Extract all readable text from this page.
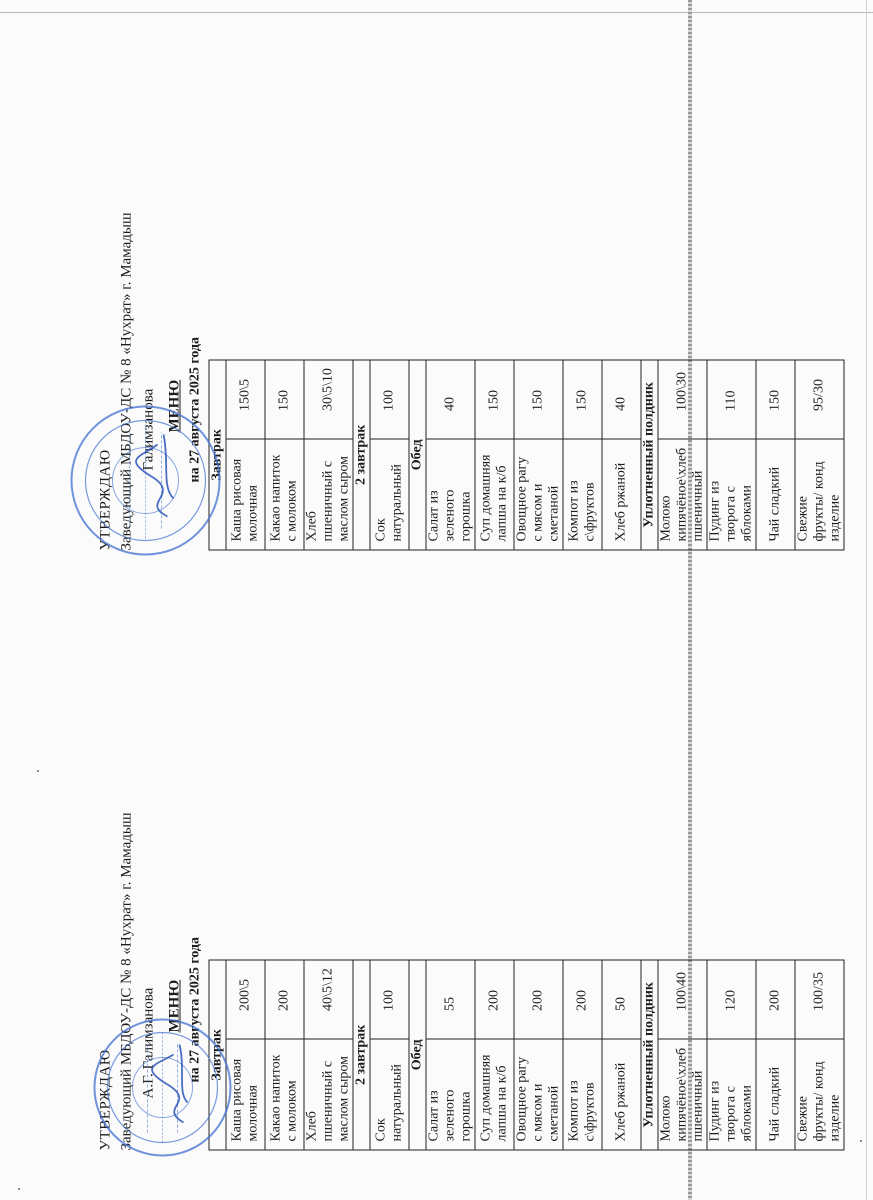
УТВЕРЖДАЮ Заведующий МБДОУ-ДС № 8 «Нухрат» г. Мамадыш А.Г. Галимзанова МЕНЮ на 27 августа 2025 года Завтрак	
Каша рисовая молочная	200\5
Какао напиток с молоком	200
Хлеб пшеничный с маслом сыром	40\5\12
2 завтрак	
Сок натуральный	100
Обед	
Салат из зеленого горошка	55
Суп домашняя лапша на к/б	200
Овощное рагу с мясом и сметаной	200
Компот из с\фруктов	200
Хлеб ржаной	50
Уплотненный полдник	
Молоко кипячёное\хлеб пшеничный	100\40
Пудинг из творога с яблоками	120
Чай сладкий	200
Свежие фрукты/ конд изделие	100/35
УТВЕРЖДАЮ Заведующий МБДОУ-ДС № 8 «Нухрат» г. Мамадыш Галимзанова МЕНЮ на 27 августа 2025 года Завтрак	
Каша рисовая молочная	150\5
Какао напиток с молоком	150
Хлеб пшеничный с маслом сыром	30\5\10
2 завтрак	
Сок натуральный	100
Обед	
Салат из зеленого горошка	40
Суп домашняя лапша на к/б	150
Овощное рагу с мясом и сметаной	150
Компот из с\фруктов	150
Хлеб ржаной	40
Уплотненный полдник	
Молоко кипячёное\хлеб пшеничный	100\30
Пудинг из творога с яблоками	110
Чай сладкий	150
Свежие фрукты/ конд изделие	95/30
